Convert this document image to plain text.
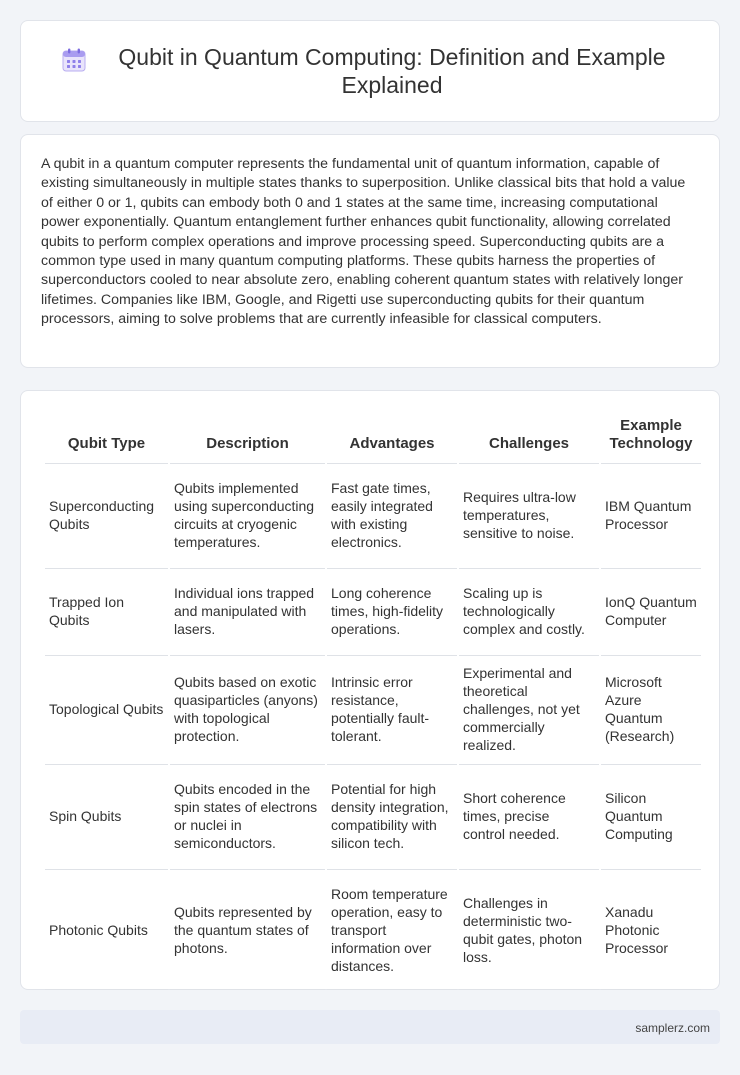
Qubit in Quantum Computing: Definition and Example Explained

A qubit in a quantum computer represents the fundamental unit of quantum information, capable of existing simultaneously in multiple states thanks to superposition. Unlike classical bits that hold a value of either 0 or 1, qubits can embody both 0 and 1 states at the same time, increasing computational power exponentially. Quantum entanglement further enhances qubit functionality, allowing correlated qubits to perform complex operations and improve processing speed. Superconducting qubits are a common type used in many quantum computing platforms. These qubits harness the properties of superconductors cooled to near absolute zero, enabling coherent quantum states with relatively longer lifetimes. Companies like IBM, Google, and Rigetti use superconducting qubits for their quantum processors, aiming to solve problems that are currently infeasible for classical computers.

Qubit Type	Description	Advantages	Challenges	Example Technology
Superconducting Qubits	Qubits implemented using superconducting circuits at cryogenic temperatures.	Fast gate times, easily integrated with existing electronics.	Requires ultra-low temperatures, sensitive to noise.	IBM Quantum Processor
Trapped Ion Qubits	Individual ions trapped and manipulated with lasers.	Long coherence times, high-fidelity operations.	Scaling up is technologically complex and costly.	IonQ Quantum Computer
Topological Qubits	Qubits based on exotic quasiparticles (anyons) with topological protection.	Intrinsic error resistance, potentially fault-tolerant.	Experimental and theoretical challenges, not yet commercially realized.	Microsoft Azure Quantum (Research)
Spin Qubits	Qubits encoded in the spin states of electrons or nuclei in semiconductors.	Potential for high density integration, compatibility with silicon tech.	Short coherence times, precise control needed.	Silicon Quantum Computing
Photonic Qubits	Qubits represented by the quantum states of photons.	Room temperature operation, easy to transport information over distances.	Challenges in deterministic two-qubit gates, photon loss.	Xanadu Photonic Processor
samplerz.com
